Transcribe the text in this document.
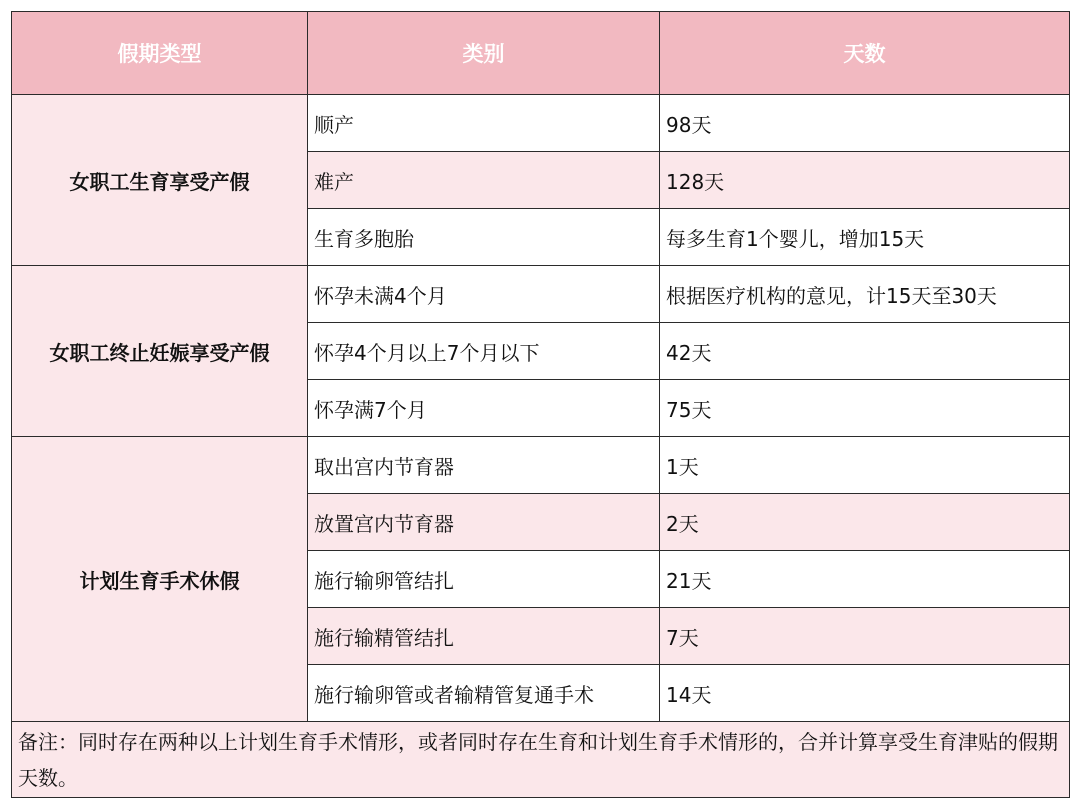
假期类型	类别	天数
女职工生育享受产假	顺产	98天
	难产	128天
	生育多胞胎	每多生育1个婴儿，增加15天
女职工终止妊娠享受产假	怀孕未满4个月	根据医疗机构的意见，计15天至30天
	怀孕4个月以上7个月以下	42天
	怀孕满7个月	75天
计划生育手术休假	取出宫内节育器	1天
	放置宫内节育器	2天
	施行输卵管结扎	21天
	施行输精管结扎	7天
	施行输卵管或者输精管复通手术	14天
备注：同时存在两种以上计划生育手术情形，或者同时存在生育和计划生育手术情形的，合并计算享受生育津贴的假期天数。		
